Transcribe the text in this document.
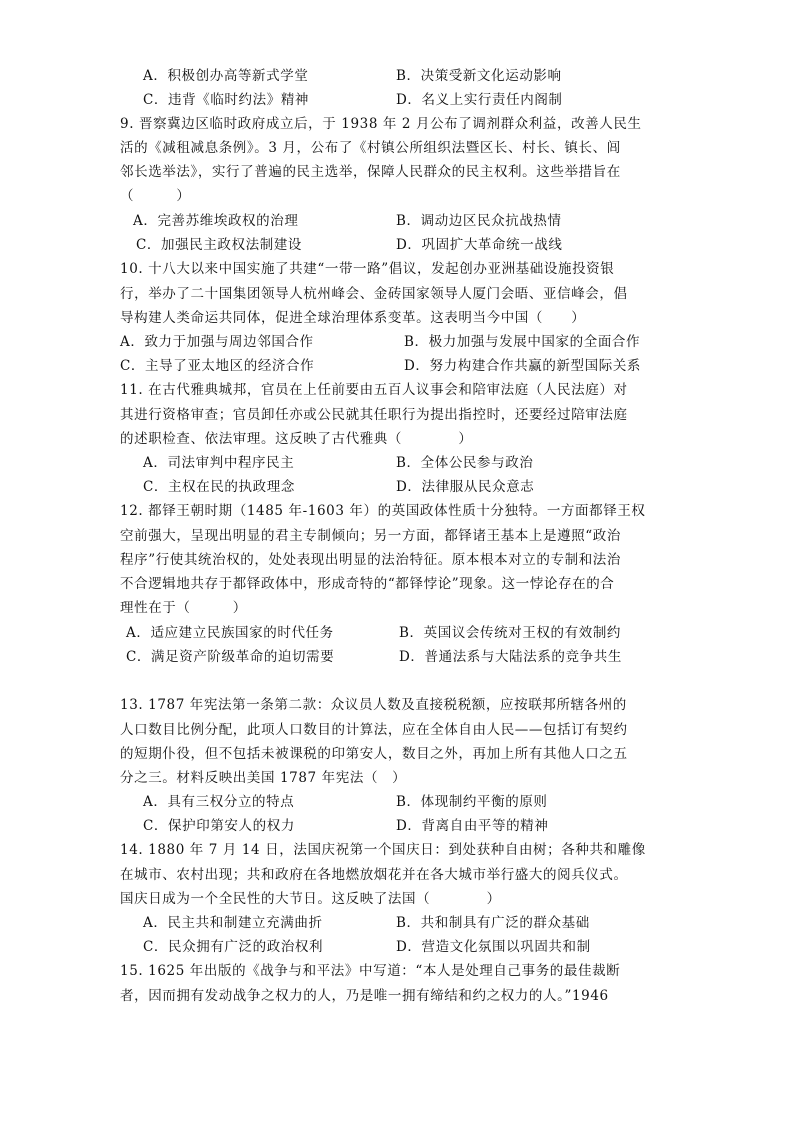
A．积极创办高等新式学堂	B．决策受新文化运动影响
C．违背《临时约法》精神	D．名义上实行责任内阁制
9. 晋察冀边区临时政府成立后，于 1938 年 2 月公布了调剂群众利益，改善人民生
活的《减租减息条例》。3 月，公布了《村镇公所组织法暨区长、村长、镇长、闾
邻长选举法》，实行了普遍的民主选举，保障人民群众的民主权利。这些举措旨在
（　　　）
A．完善苏维埃政权的治理	B．调动边区民众抗战热情
C．加强民主政权法制建设	D．巩固扩大革命统一战线
10. 十八大以来中国实施了共建“一带一路”倡议，发起创办亚洲基础设施投资银
行，举办了二十国集团领导人杭州峰会、金砖国家领导人厦门会晤、亚信峰会，倡
导构建人类命运共同体，促进全球治理体系变革。这表明当今中国（　　）
A．致力于加强与周边邻国合作	B．极力加强与发展中国家的全面合作
C．主导了亚太地区的经济合作	D．努力构建合作共赢的新型国际关系
11. 在古代雅典城邦，官员在上任前要由五百人议事会和陪审法庭（人民法庭）对
其进行资格审查；官员卸任亦或公民就其任职行为提出指控时，还要经过陪审法庭
的述职检查、依法审理。这反映了古代雅典（　　　　）
A．司法审判中程序民主	B．全体公民参与政治
C．主权在民的执政理念	D．法律服从民众意志
12. 都铎王朝时期（1485 年-1603 年）的英国政体性质十分独特。一方面都铎王权
空前强大，呈现出明显的君主专制倾向；另一方面，都铎诸王基本上是遵照“政治
程序”行使其统治权的，处处表现出明显的法治特征。原本根本对立的专制和法治
不合逻辑地共存于都铎政体中，形成奇特的“都铎悖论”现象。这一悖论存在的合
理性在于（　　　）
A．适应建立民族国家的时代任务	B．英国议会传统对王权的有效制约
C．满足资产阶级革命的迫切需要	D．普通法系与大陆法系的竞争共生
13. 1787 年宪法第一条第二款：众议员人数及直接税税额，应按联邦所辖各州的
人口数目比例分配，此项人口数目的计算法，应在全体自由人民——包括订有契约
的短期仆役，但不包括未被课税的印第安人，数目之外，再加上所有其他人口之五
分之三。材料反映出美国 1787 年宪法（　）
A．具有三权分立的特点	B．体现制约平衡的原则
C．保护印第安人的权力	D．背离自由平等的精神
14. 1880 年 7 月 14 日，法国庆祝第一个国庆日：到处获种自由树；各种共和雕像
在城市、农村出现；共和政府在各地燃放烟花并在各大城市举行盛大的阅兵仪式。
国庆日成为一个全民性的大节日。这反映了法国（　　　　）
A．民主共和制建立充满曲折	B．共和制具有广泛的群众基础
C．民众拥有广泛的政治权利	D．营造文化氛围以巩固共和制
15. 1625 年出版的《战争与和平法》中写道：“本人是处理自己事务的最佳裁断
者，因而拥有发动战争之权力的人，乃是唯一拥有缔结和约之权力的人。”1946
